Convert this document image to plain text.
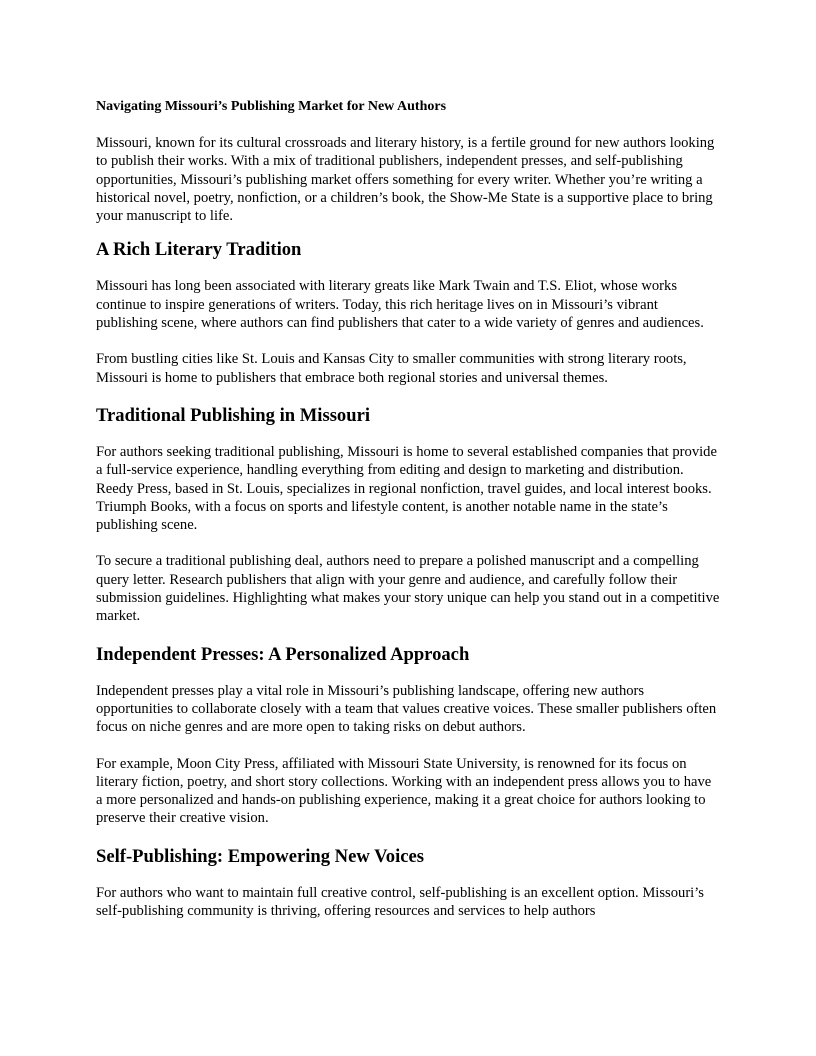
Navigating Missouri’s Publishing Market for New Authors

Missouri, known for its cultural crossroads and literary history, is a fertile ground for new authors looking to publish their works. With a mix of traditional publishers, independent presses, and self-publishing opportunities, Missouri’s publishing market offers something for every writer. Whether you’re writing a historical novel, poetry, nonfiction, or a children’s book, the Show-Me State is a supportive place to bring your manuscript to life.

A Rich Literary Tradition

Missouri has long been associated with literary greats like Mark Twain and T.S. Eliot, whose works continue to inspire generations of writers. Today, this rich heritage lives on in Missouri’s vibrant publishing scene, where authors can find publishers that cater to a wide variety of genres and audiences.

From bustling cities like St. Louis and Kansas City to smaller communities with strong literary roots, Missouri is home to publishers that embrace both regional stories and universal themes.

Traditional Publishing in Missouri

For authors seeking traditional publishing, Missouri is home to several established companies that provide a full-service experience, handling everything from editing and design to marketing and distribution. Reedy Press, based in St. Louis, specializes in regional nonfiction, travel guides, and local interest books. Triumph Books, with a focus on sports and lifestyle content, is another notable name in the state’s publishing scene.

To secure a traditional publishing deal, authors need to prepare a polished manuscript and a compelling query letter. Research publishers that align with your genre and audience, and carefully follow their submission guidelines. Highlighting what makes your story unique can help you stand out in a competitive market.

Independent Presses: A Personalized Approach

Independent presses play a vital role in Missouri’s publishing landscape, offering new authors opportunities to collaborate closely with a team that values creative voices. These smaller publishers often focus on niche genres and are more open to taking risks on debut authors.

For example, Moon City Press, affiliated with Missouri State University, is renowned for its focus on literary fiction, poetry, and short story collections. Working with an independent press allows you to have a more personalized and hands-on publishing experience, making it a great choice for authors looking to preserve their creative vision.

Self-Publishing: Empowering New Voices

For authors who want to maintain full creative control, self-publishing is an excellent option. Missouri’s self-publishing community is thriving, offering resources and services to help authors
